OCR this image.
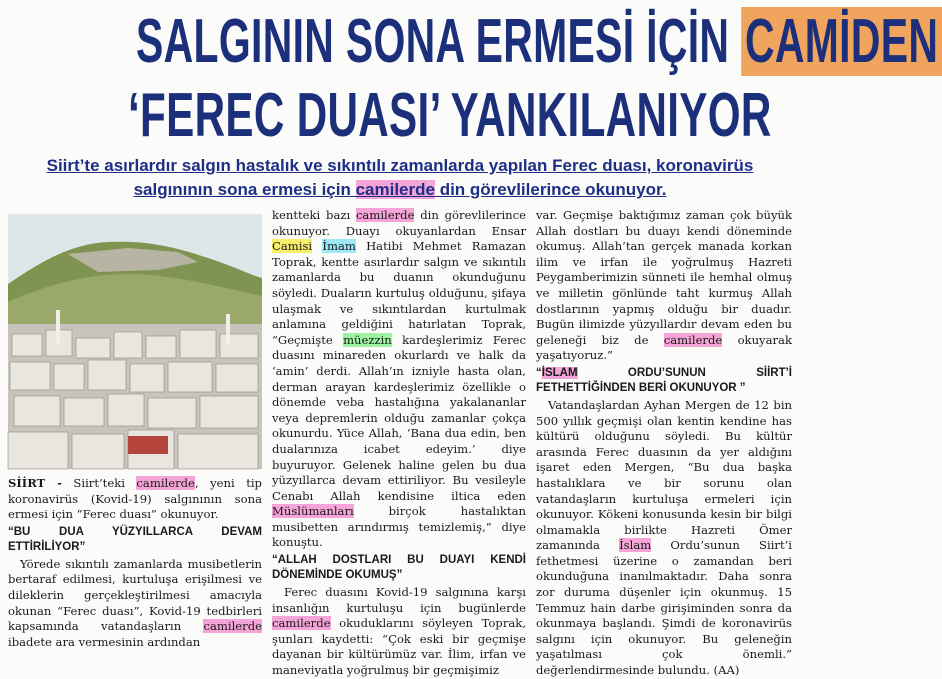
SALGININ SONA ERMESİ İÇİN CAMİDEN
‘FEREC DUASI’ YANKILANIYOR
Siirt’te asırlardır salgın hastalık ve sıkıntılı zamanlarda yapılan Ferec duası, koronavirüs salgınının sona ermesi için camilerde din görevlilerince okunuyor.

SİİRT - Siirt’teki camilerde, yeni tip koronavirüs (Kovid-19) salgınının sona ermesi için “Ferec duası” okunuyor.

“BU DUA YÜZYILLARCA DEVAM ETTİRİLİYOR”

Yörede sıkıntılı zamanlarda musibetlerin bertaraf edilmesi, kurtuluşa erişilmesi ve dileklerin gerçekleştirilmesi amacıyla okunan “Ferec duası”, Kovid-19 tedbirleri kapsamında vatandaşların camilerde ibadete ara vermesinin ardından

kentteki bazı camilerde din görevlilerince okunuyor. Duayı okuyanlardan Ensar Camisi İmam Hatibi Mehmet Ramazan Toprak, kentte asırlardır salgın ve sıkıntılı zamanlarda bu duanın okunduğunu söyledi. Duaların kurtuluş olduğunu, şifaya ulaşmak ve sıkıntılardan kurtulmak anlamına geldiğini hatırlatan Toprak, “Geçmişte müezzin kardeşlerimiz Ferec duasını minareden okurlardı ve halk da ‘amin’ derdi. Allah’ın izniyle hasta olan, derman arayan kardeşlerimiz özellikle o dönemde veba hastalığına yakalananlar veya depremlerin olduğu zamanlar çokça okunurdu. Yüce Allah, ‘Bana dua edin, ben dualarınıza icabet edeyim.’ diye buyuruyor. Gelenek haline gelen bu dua yüzyıllarca devam ettiriliyor. Bu vesileyle Cenabı Allah kendisine iltica eden Müslümanları birçok hastalıktan musibetten arındırmış temizlemiş,” diye konuştu.

“ALLAH DOSTLARI BU DUAYI KENDİ DÖNEMİNDE OKUMUŞ”

Ferec duasını Kovid-19 salgınına karşı insanlığın kurtuluşu için bugünlerde camilerde okuduklarını söyleyen Toprak, şunları kaydetti: “Çok eski bir geçmişe dayanan bir kültürümüz var. İlim, irfan ve maneviyatla yoğrulmuş bir geçmişimiz

var. Geçmişe baktığımız zaman çok büyük Allah dostları bu duayı kendi döneminde okumuş. Allah’tan gerçek manada korkan ilim ve irfan ile yoğrulmuş Hazreti Peygamberimizin sünneti ile hemhal olmuş ve milletin gönlünde taht kurmuş Allah dostlarının yapmış olduğu bir duadır. Bugün ilimizde yüzyıllardır devam eden bu geleneği biz de camilerde okuyarak yaşatıyoruz.”

“İSLAM ORDU’SUNUN SİİRT’İ FETHETTİĞİNDEN BERİ OKUNUYOR ”

Vatandaşlardan Ayhan Mergen de 12 bin 500 yıllık geçmişi olan kentin kendine has kültürü olduğunu söyledi. Bu kültür arasında Ferec duasının da yer aldığını işaret eden Mergen, “Bu dua başka hastalıklara ve bir sorunu olan vatandaşların kurtuluşa ermeleri için okunuyor. Kökeni konusunda kesin bir bilgi olmamakla birlikte Hazreti Ömer zamanında İslam Ordu’sunun Siirt’i fethetmesi üzerine o zamandan beri okunduğuna inanılmaktadır. Daha sonra zor duruma düşenler için okunmuş. 15 Temmuz hain darbe girişiminden sonra da okunmaya başlandı. Şimdi de koronavirüs salgını için okunuyor. Bu geleneğin yaşatılması çok önemli.” değerlendirmesinde bulundu. (AA)
